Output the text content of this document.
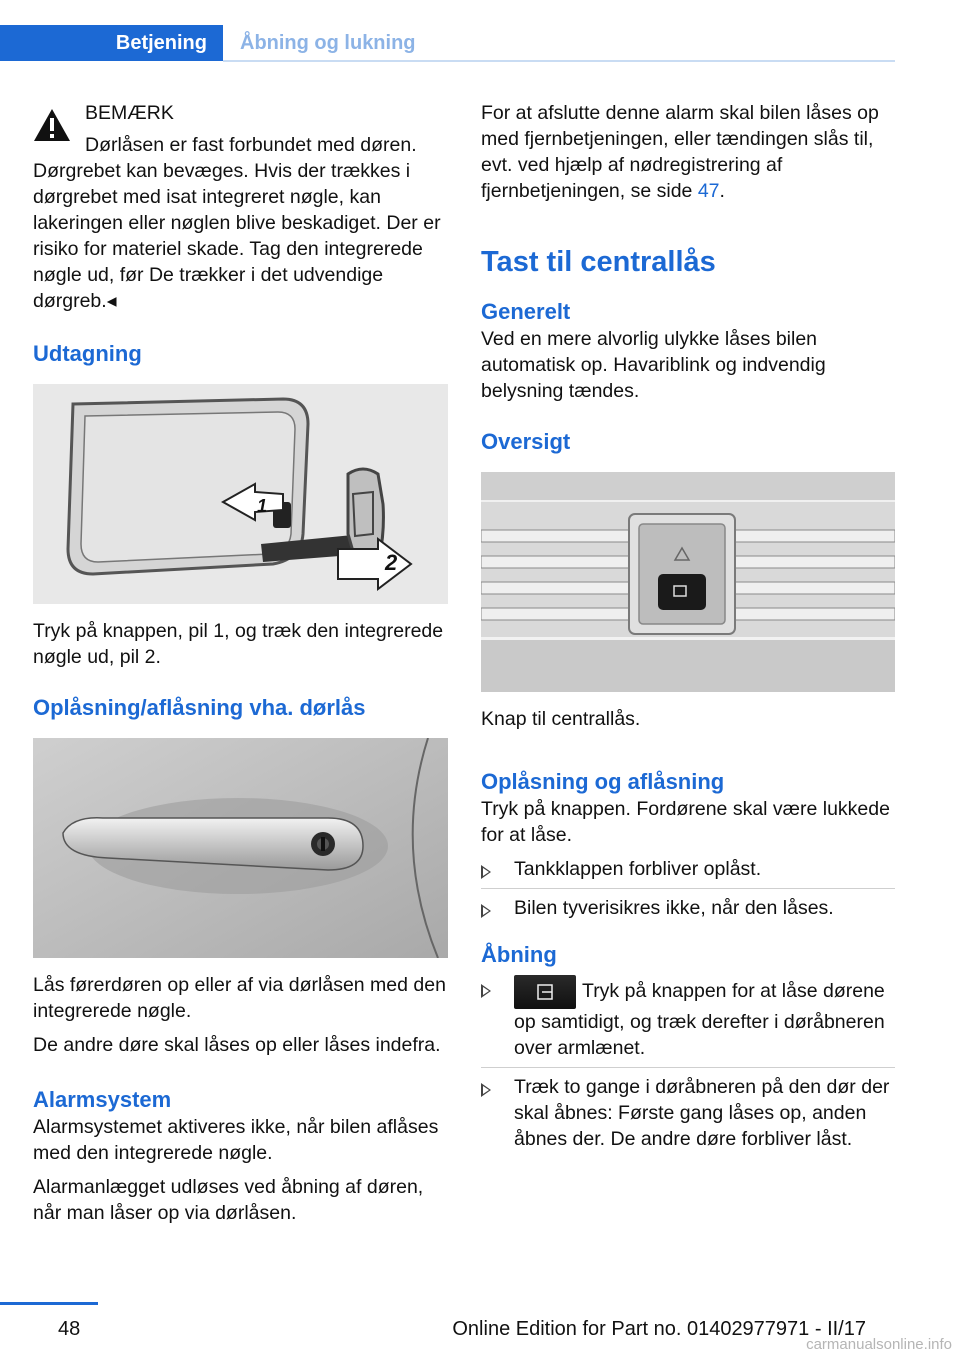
Betjening	Åbning og lukning

BEMÆRK

Dørlåsen er fast forbundet med døren.

Dørgrebet kan bevæges. Hvis der trækkes i dørgrebet med isat integreret nøgle, kan lakeringen eller nøglen blive beskadiget. Der er risiko for materiel skade. Tag den integrerede nøgle ud, før De trækker i det udvendige dørgreb.◂

Udtagning
1
2

Tryk på knappen, pil 1, og træk den integrerede nøgle ud, pil 2.

Oplåsning/aflåsning vha. dørlås

Lås førerdøren op eller af via dørlåsen med den integrerede nøgle.

De andre døre skal låses op eller låses indefra.

Alarmsystem

Alarmsystemet aktiveres ikke, når bilen aflåses med den integrerede nøgle.

Alarmanlægget udløses ved åbning af døren, når man låser op via dørlåsen.

For at afslutte denne alarm skal bilen låses op med fjernbetjeningen, eller tændingen slås til, evt. ved hjælp af nødregistrering af fjernbetjeningen, se side 47.

Tast til centrallås
Generelt

Ved en mere alvorlig ulykke låses bilen automatisk op. Havariblink og indvendig belysning tændes.

Oversigt

Knap til centrallås.

Oplåsning og aflåsning

Tryk på knappen. Fordørene skal være lukkede for at låse.

Tankklappen forbliver oplåst.
Bilen tyverisikres ikke, når den låses.
Åbning
Tryk på knappen for at låse dørene op samtidigt, og træk derefter i døråbneren over armlænet.
Træk to gange i døråbneren på den dør der skal åbnes: Første gang låses op, anden åbnes der. De andre døre forbliver låst.
48	Online Edition for Part no. 01402977971 - II/17
carmanualsonline.info
